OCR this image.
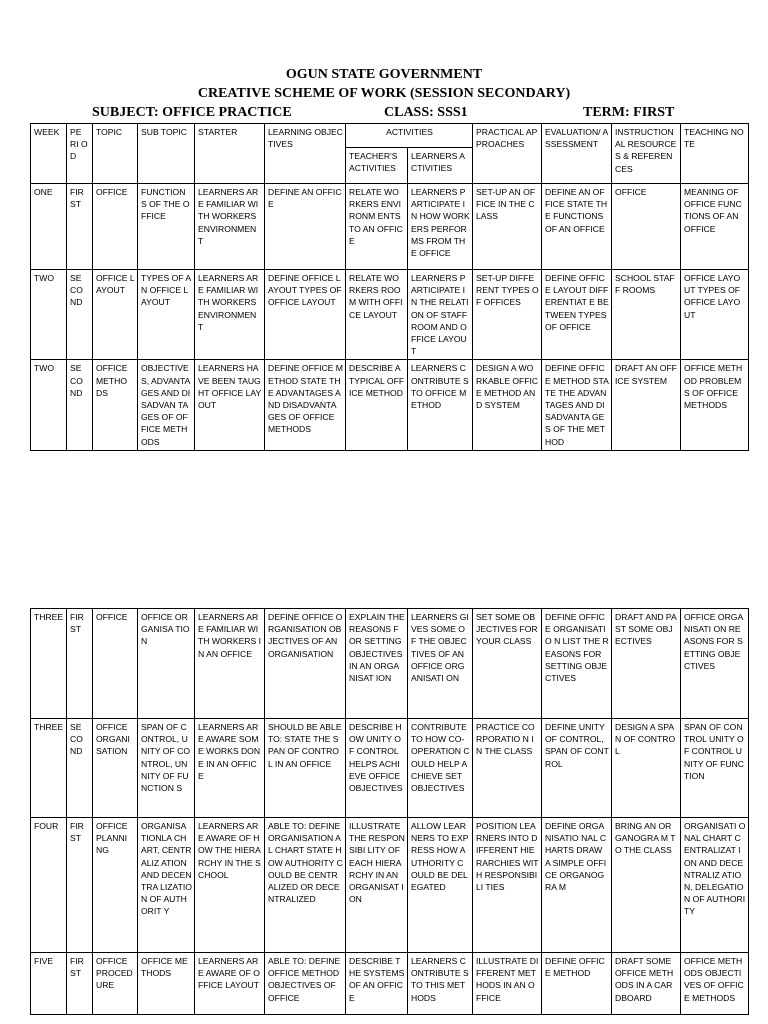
OGUN STATE GOVERNMENT
CREATIVE SCHEME OF WORK (SESSION SECONDARY)
SUBJECT: OFFICE PRACTICE	CLASS: SSS1	TERM: FIRST
WEEK	PE RI OD	TOPIC	SUB TOPIC	STARTER	LEARNING OBJECTIVES	ACTIVITIES		PRACTICAL APPROACHES	EVALUATION/ ASSESSMENT	INSTRUCTION AL RESOURCES & REFERENCES	TEACHING NOTE
						TEACHER'S ACTIVITIES	LEARNERS ACTIVITIES				
ONE	FIR ST	OFFICE	FUNCTION S OF THE OFFICE	LEARNERS ARE FAMILIAR WITH WORKERS ENVIRONMEN T	DEFINE AN OFFICE	RELATE WORKERS ENVIRONM ENTS TO AN OFFICE	LEARNERS PARTICIPATE IN HOW WORKERS PERFORMS FROM THE OFFICE	SET-UP AN OFFICE IN THE CLASS	DEFINE AN OFFICE STATE THE FUNCTIONS OF AN OFFICE	OFFICE	MEANING OF OFFICE FUNCTIONS OF AN OFFICE
TWO	SE CO ND	OFFICE LAYOUT	TYPES OF AN OFFICE LAYOUT	LEARNERS ARE FAMILIAR WITH WORKERS ENVIRONMEN T	DEFINE OFFICE LAYOUT TYPES OF OFFICE LAYOUT	RELATE WORKERS ROOM WITH OFFICE LAYOUT	LEARNERS PARTICIPATE IN THE RELATION OF STAFF ROOM AND OFFICE LAYOUT	SET-UP DIFFERENT TYPES OF OFFICES	DEFINE OFFICE LAYOUT DIFFERENTIAT E BETWEEN TYPES OF OFFICE	SCHOOL STAFF ROOMS	OFFICE LAYOUT TYPES OF OFFICE LAYOUT
TWO	SE CO ND	OFFICE METHO DS	OBJECTIVE S, ADVANTA GES AND DISADVAN TAGES OF OFFICE METHODS	LEARNERS HAVE BEEN TAUGHT OFFICE LAYOUT	DEFINE OFFICE METHOD STATE THE ADVANTAGES AND DISADVANTAGES OF OFFICE METHODS	DESCRIBE A TYPICAL OFFICE METHOD	LEARNERS CONTRIBUTE S TO OFFICE METHOD	DESIGN A WORKABLE OFFICE METHOD AND SYSTEM	DEFINE OFFICE METHOD STATE THE ADVANTAGES AND DISADVANTA GES OF THE METHOD	DRAFT AN OFFICE SYSTEM	OFFICE METHOD PROBLEMS OF OFFICE METHODS
THREE	FIR ST	OFFICE	OFFICE ORGANISA TION	LEARNERS ARE FAMILIAR WITH WORKERS IN AN OFFICE	DEFINE OFFICE ORGANISATION OBJECTIVES OF AN ORGANISATION	EXPLAIN THE REASONS FOR SETTING OBJECTIVES IN AN ORGANISAT ION	LEARNERS GIVES SOME OF THE OBJECTIVES OF AN OFFICE ORGANISATI ON	SET SOME OBJECTIVES FOR YOUR CLASS	DEFINE OFFICE ORGANISATIO N LIST THE REASONS FOR SETTING OBJECTIVES	DRAFT AND PAST SOME OBJECTIVES	OFFICE ORGANISATI ON REASONS FOR SETTING OBJECTIVES
THREE	SE CO ND	OFFICE ORGANI SATION	SPAN OF CONTROL, UNITY OF CONTROL, UNNITY OF FUNCTION S	LEARNERS ARE AWARE SOME WORKS DONE IN AN OFFICE	SHOULD BE ABLE TO: STATE THE SPAN OF CONTROL IN AN OFFICE	DESCRIBE HOW UNITY OF CONTROL HELPS ACHIEVE OFFICE OBJECTIVES	CONTRIBUTE TO HOW CO-OPERATION COULD HELP ACHIEVE SET OBJECTIVES	PRACTICE CORPORATIO N IN THE CLASS	DEFINE UNITY OF CONTROL, SPAN OF CONTROL	DESIGN A SPAN OF CONTROL	SPAN OF CONTROL UNITY OF CONTROL UNITY OF FUNCTION
FOUR	FIR ST	OFFICE PLANNI NG	ORGANISA TIONLA CHART, CENTRALIZ ATION AND DECENTRA LIZATION OF AUTHORIT Y	LEARNERS ARE AWARE OF HOW THE HIERARCHY IN THE SCHOOL	ABLE TO: DEFINE ORGANISATION AL CHART STATE HOW AUTHORITY COULD BE CENTRALIZED OR DECENTRALIZED	ILLUSTRATE THE RESPONSIBI LITY OF EACH HIERARCHY IN AN ORGANISAT ION	ALLOW LEARNERS TO EXPRESS HOW AUTHORITY COULD BE DELEGATED	POSITION LEARNERS INTO DIFFERENT HIERARCHIES WITH RESPONSIBILI TIES	DEFINE ORGANISATIO NAL CHARTS DRAW A SIMPLE OFFICE ORGANOGRA M	BRING AN ORGANOGRA M TO THE CLASS	ORGANISATI ONAL CHART CENTRALIZAT ION AND DECENTRALIZ ATION, DELEGATION OF AUTHORITY
FIVE	FIR ST	OFFICE PROCED URE	OFFICE METHODS	LEARNERS ARE AWARE OF OFFICE LAYOUT	ABLE TO: DEFINE OFFICE METHOD OBJECTIVES OF OFFICE	DESCRIBE THE SYSTEMS OF AN OFFICE	LEARNERS CONTRIBUTE S TO THIS METHODS	ILLUSTRATE DIFFERENT METHODS IN AN OFFICE	DEFINE OFFICE METHOD	DRAFT SOME OFFICE METHODS IN A CARDBOARD	OFFICE METHODS OBJECTIVES OF OFFICE METHODS
